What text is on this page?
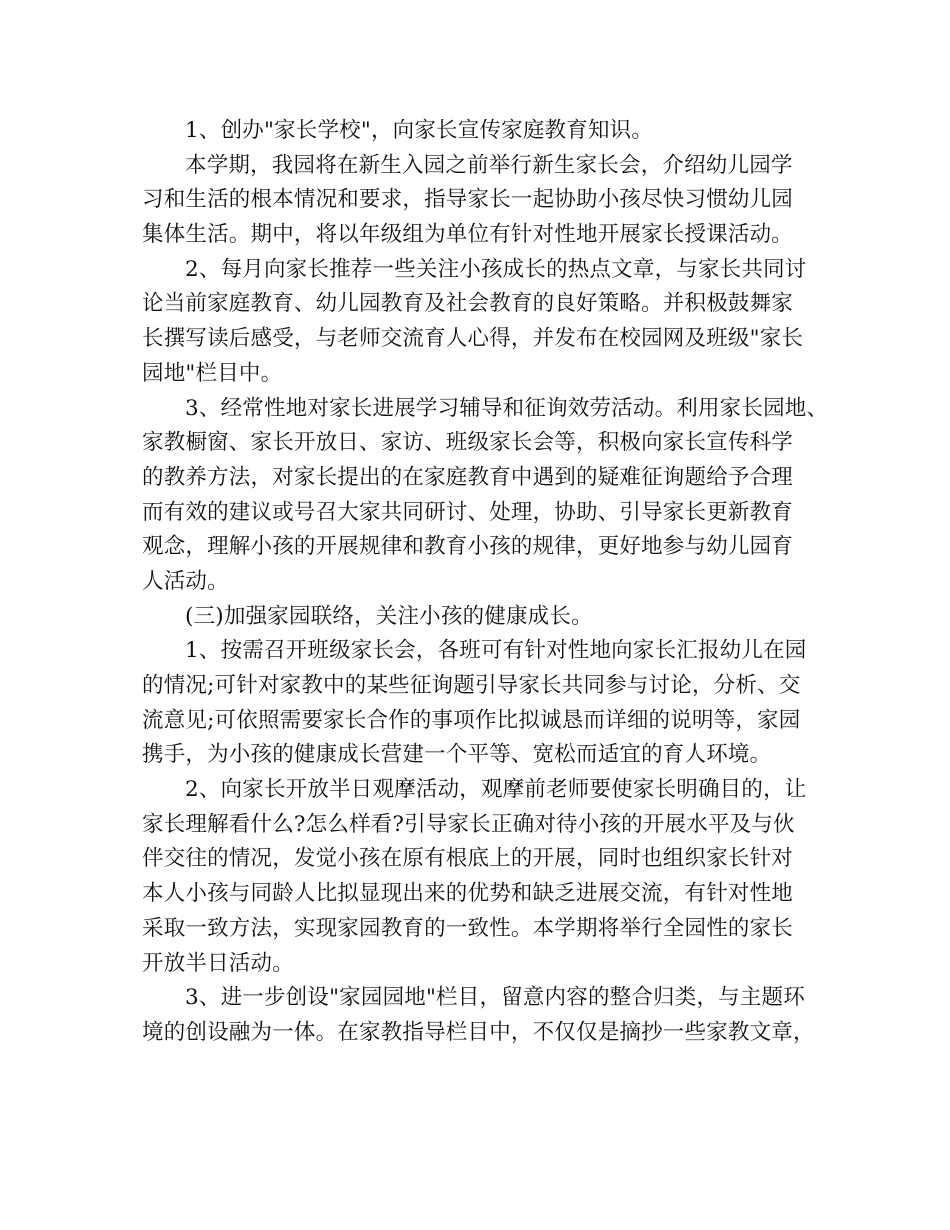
1、创办"家长学校"，向家长宣传家庭教育知识。
本学期，我园将在新生入园之前举行新生家长会，介绍幼儿园学
习和生活的根本情况和要求，指导家长一起协助小孩尽快习惯幼儿园
集体生活。期中，将以年级组为单位有针对性地开展家长授课活动。
2、每月向家长推荐一些关注小孩成长的热点文章，与家长共同讨
论当前家庭教育、幼儿园教育及社会教育的良好策略。并积极鼓舞家
长撰写读后感受，与老师交流育人心得，并发布在校园网及班级"家长
园地"栏目中。
3、经常性地对家长进展学习辅导和征询效劳活动。利用家长园地、
家教橱窗、家长开放日、家访、班级家长会等，积极向家长宣传科学
的教养方法，对家长提出的在家庭教育中遇到的疑难征询题给予合理
而有效的建议或号召大家共同研讨、处理，协助、引导家长更新教育
观念，理解小孩的开展规律和教育小孩的规律，更好地参与幼儿园育
人活动。
(三)加强家园联络，关注小孩的健康成长。
1、按需召开班级家长会，各班可有针对性地向家长汇报幼儿在园
的情况;可针对家教中的某些征询题引导家长共同参与讨论，分析、交
流意见;可依照需要家长合作的事项作比拟诚恳而详细的说明等，家园
携手，为小孩的健康成长营建一个平等、宽松而适宜的育人环境。
2、向家长开放半日观摩活动，观摩前老师要使家长明确目的，让
家长理解看什么?怎么样看?引导家长正确对待小孩的开展水平及与伙
伴交往的情况，发觉小孩在原有根底上的开展，同时也组织家长针对
本人小孩与同龄人比拟显现出来的优势和缺乏进展交流，有针对性地
采取一致方法，实现家园教育的一致性。本学期将举行全园性的家长
开放半日活动。
3、进一步创设"家园园地"栏目，留意内容的整合归类，与主题环
境的创设融为一体。在家教指导栏目中，不仅仅是摘抄一些家教文章，
